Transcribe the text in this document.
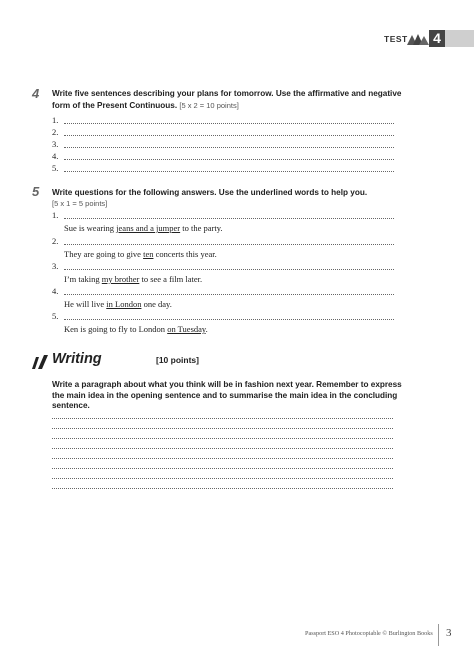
TEST 4
4 Write five sentences describing your plans for tomorrow. Use the affirmative and negative form of the Present Continuous. [5 x 2 = 10 points]
1.
2.
3.
4.
5.
5 Write questions for the following answers. Use the underlined words to help you.
[5 x 1 = 5 points]
1.
Sue is wearing jeans and a jumper to the party.
2.
They are going to give ten concerts this year.
3.
I’m taking my brother to see a film later.
4.
He will live in London one day.
5.
Ken is going to fly to London on Tuesday.
Writing	[10 points]
Write a paragraph about what you think will be in fashion next year. Remember to express the main idea in the opening sentence and to summarise the main idea in the concluding sentence.
Passport ESO 4 Photocopiable © Burlington Books 3
